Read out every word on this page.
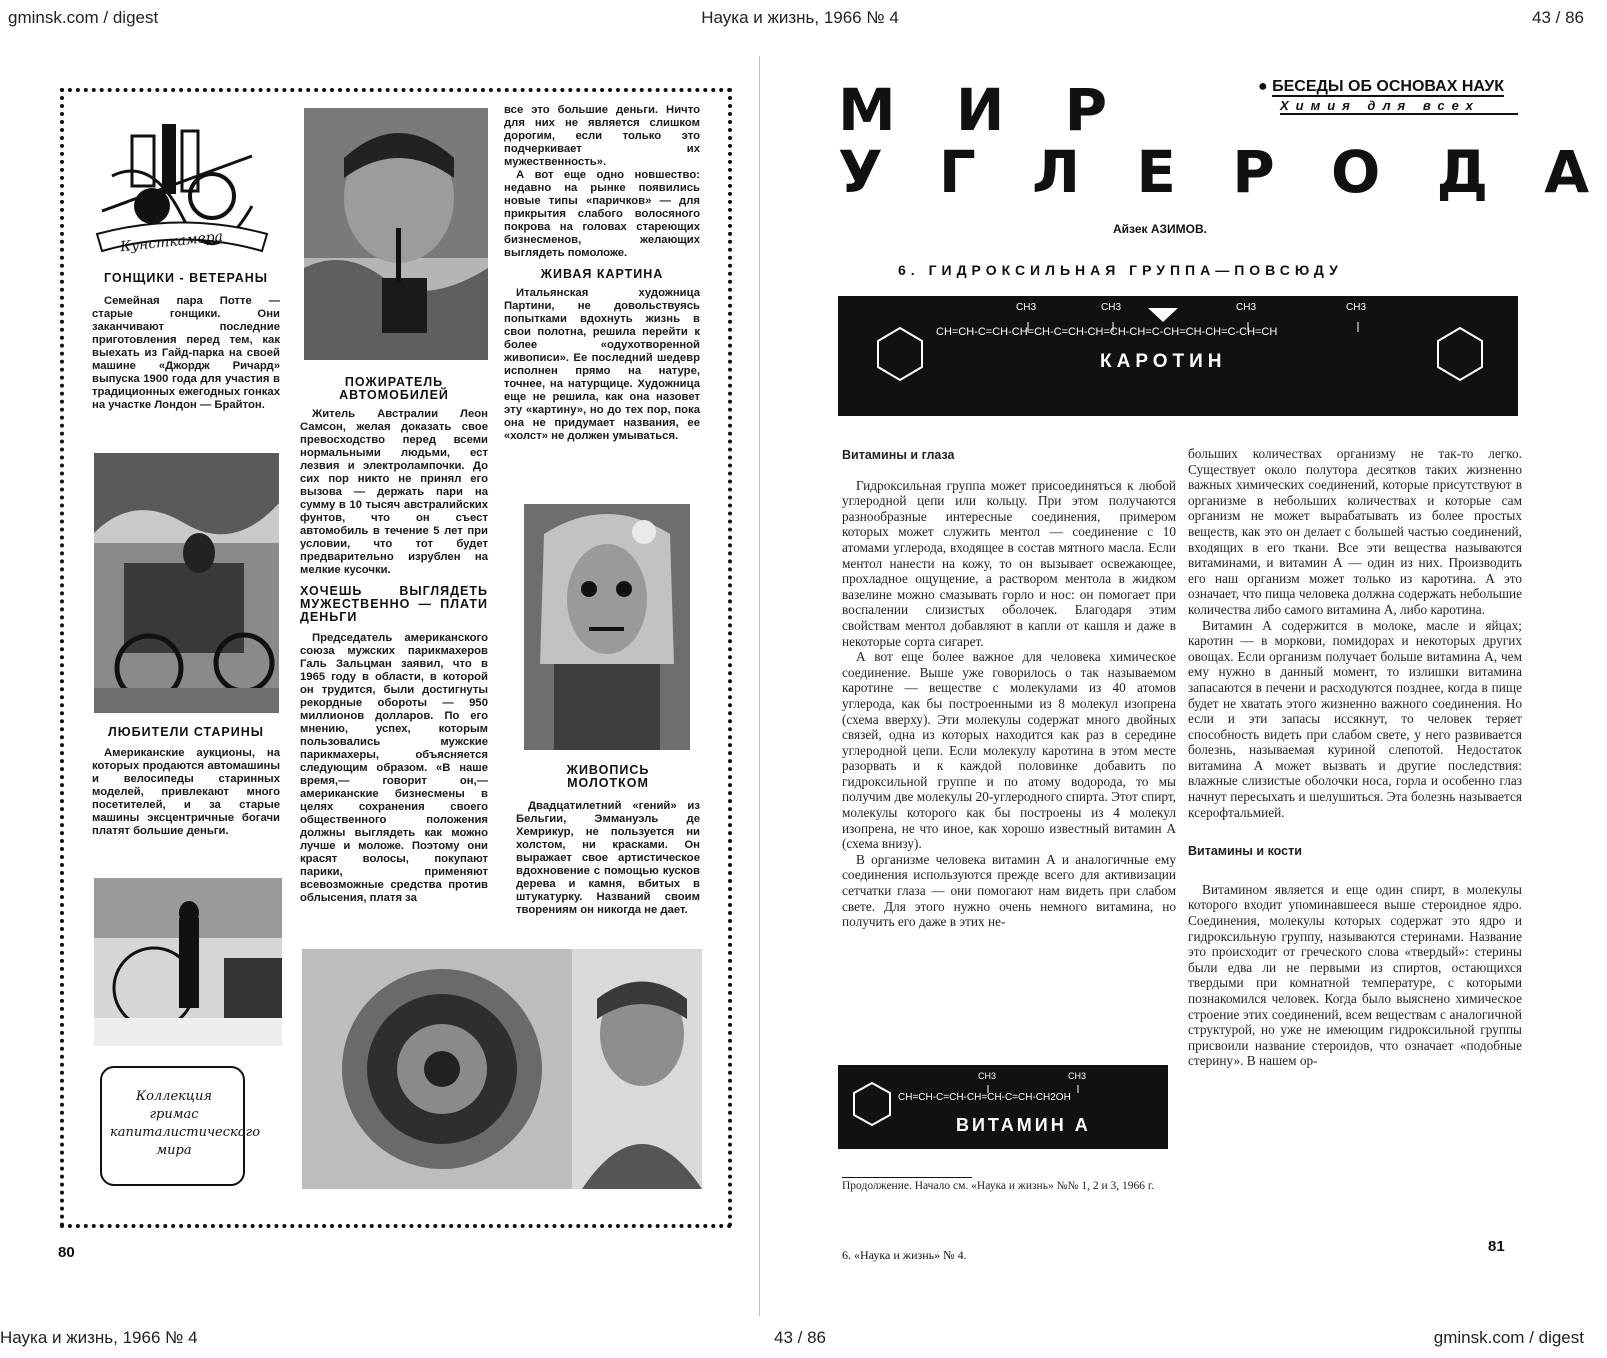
gminsk.com / digest	Наука и жизнь, 1966 № 4	43 / 86
Кунсткамера
ГОНЩИКИ - ВЕТЕРАНЫ

Семейная пара Потте — старые гонщики. Они заканчивают последние приготовления перед тем, как выехать из Гайд-парка на своей машине «Джордж Ричард» выпуска 1900 года для участия в традиционных ежегодных гонках на участке Лондон — Брайтон.

ЛЮБИТЕЛИ СТАРИНЫ

Американские аукционы, на которых продаются автомашины и велосипеды старинных моделей, привлекают много посетителей, и за старые машины эксцентричные богачи платят большие деньги.

Коллекция гримас капиталистического мира
ПОЖИРАТЕЛЬ АВТОМОБИЛЕЙ

Житель Австралии Леон Самсон, желая доказать свое превосходство перед всеми нормальными людьми, ест лезвия и электролампочки. До сих пор никто не принял его вызова — держать пари на сумму в 10 тысяч австралийских фунтов, что он съест автомобиль в течение 5 лет при условии, что тот будет предварительно изрублен на мелкие кусочки.

ХОЧЕШЬ ВЫГЛЯДЕТЬ МУЖЕСТВЕННО — ПЛАТИ ДЕНЬГИ

Председатель американского союза мужских парикмахеров Галь Зальцман заявил, что в 1965 году в области, в которой он трудится, были достигнуты рекордные обороты — 950 миллионов долларов. По его мнению, успех, которым пользовались мужские парикмахеры, объясняется следующим образом. «В наше время,— говорит он,— американские бизнесмены в целях сохранения своего общественного положения должны выглядеть как можно лучше и моложе. Поэтому они красят волосы, покупают парики, применяют всевозможные средства против облысения, платя за

все это большие деньги. Ничто для них не является слишком дорогим, если только это подчеркивает их мужественность».

А вот еще одно новшество: недавно на рынке появились новые типы «паричков» — для прикрытия слабого волосяного покрова на головах стареющих бизнесменов, желающих выглядеть помоложе.

ЖИВАЯ КАРТИНА

Итальянская художница Партини, не довольствуясь попытками вдохнуть жизнь в свои полотна, решила перейти к более «одухотворенной живописи». Ее последний шедевр исполнен прямо на натуре, точнее, на натурщице. Художница еще не решила, как она назовет эту «картину», но до тех пор, пока она не придумает названия, ее «холст» не должен умываться.

ЖИВОПИСЬ МОЛОТКОМ

Двадцатилетний «гений» из Бельгии, Эммануэль де Хемрикур, не пользуется ни холстом, ни красками. Он выражает свое артистическое вдохновение с помощью кусков дерева и камня, вбитых в штукатурку. Названий своим творениям он никогда не дает.

80
М И Р
У Г Л Е Р О Д А
● БЕСЕДЫ ОБ ОСНОВАХ НАУК
Химия для всех
Айзек АЗИМОВ.
6. ГИДРОКСИЛЬНАЯ ГРУППА—ПОВСЮДУ
CH=CH-C=CH-CH=CH-C=CH-CH=CH-CH=C-CH=CH-CH=C-CH=CH
CH3	CH3	CH3	CH3
КАРОТИН
Витамины и глаза

Гидроксильная группа может присоединяться к любой углеродной цепи или кольцу. При этом получаются разнообразные интересные соединения, примером которых может служить ментол — соединение с 10 атомами углерода, входящее в состав мятного масла. Если ментол нанести на кожу, то он вызывает освежающее, прохладное ощущение, а раствором ментола в жидком вазелине можно смазывать горло и нос: он помогает при воспалении слизистых оболочек. Благодаря этим свойствам ментол добавляют в капли от кашля и даже в некоторые сорта сигарет.

А вот еще более важное для человека химическое соединение. Выше уже говорилось о так называемом каротине — веществе с молекулами из 40 атомов углерода, как бы построенными из 8 молекул изопрена (схема вверху). Эти молекулы содержат много двойных связей, одна из которых находится как раз в середине углеродной цепи. Если молекулу каротина в этом месте разорвать и к каждой половинке добавить по гидроксильной группе и по атому водорода, то мы получим две молекулы 20-углеродного спирта. Этот спирт, молекулы которого как бы построены из 4 молекул изопрена, не что иное, как хорошо известный витамин А (схема внизу).

В организме человека витамин А и аналогичные ему соединения используются прежде всего для активизации сетчатки глаза — они помогают нам видеть при слабом свете. Для этого нужно очень немного витамина, но получить его даже в этих не-

CH=CH-C=CH-CH=CH-C=CH-CH2OH
CH3	CH3
ВИТАМИН А
Продолжение. Начало см. «Наука и жизнь» №№ 1, 2 и 3, 1966 г.
6. «Наука и жизнь» № 4.

больших количествах организму не так-то легко. Существует около полутора десятков таких жизненно важных химических соединений, которые присутствуют в организме в небольших количествах и которые сам организм не может вырабатывать из более простых веществ, как это он делает с большей частью соединений, входящих в его ткани. Все эти вещества называются витаминами, и витамин А — один из них. Производить его наш организм может только из каротина. А это означает, что пища человека должна содержать небольшие количества либо самого витамина А, либо каротина.

Витамин А содержится в молоке, масле и яйцах; каротин — в моркови, помидорах и некоторых других овощах. Если организм получает больше витамина А, чем ему нужно в данный момент, то излишки витамина запасаются в печени и расходуются позднее, когда в пище будет не хватать этого жизненно важного соединения. Но если и эти запасы иссякнут, то человек теряет способность видеть при слабом свете, у него развивается болезнь, называемая куриной слепотой. Недостаток витамина А может вызвать и другие последствия: влажные слизистые оболочки носа, горла и особенно глаз начнут пересыхать и шелушиться. Эта болезнь называется ксерофтальмией.

Витамины и кости

Витамином является и еще один спирт, в молекулы которого входит упоминавшееся выше стероидное ядро. Соединения, молекулы которых содержат это ядро и гидроксильную группу, называются стеринами. Название это происходит от греческого слова «твердый»: стерины были едва ли не первыми из спиртов, остающихся твердыми при комнатной температуре, с которыми познакомился человек. Когда было выяснено химическое строение этих соединений, всем веществам с аналогичной структурой, но уже не имеющим гидроксильной группы присвоили название стероидов, что означает «подобные стерину». В нашем ор-

81
Наука и жизнь, 1966 № 4	43 / 86	gminsk.com / digest
